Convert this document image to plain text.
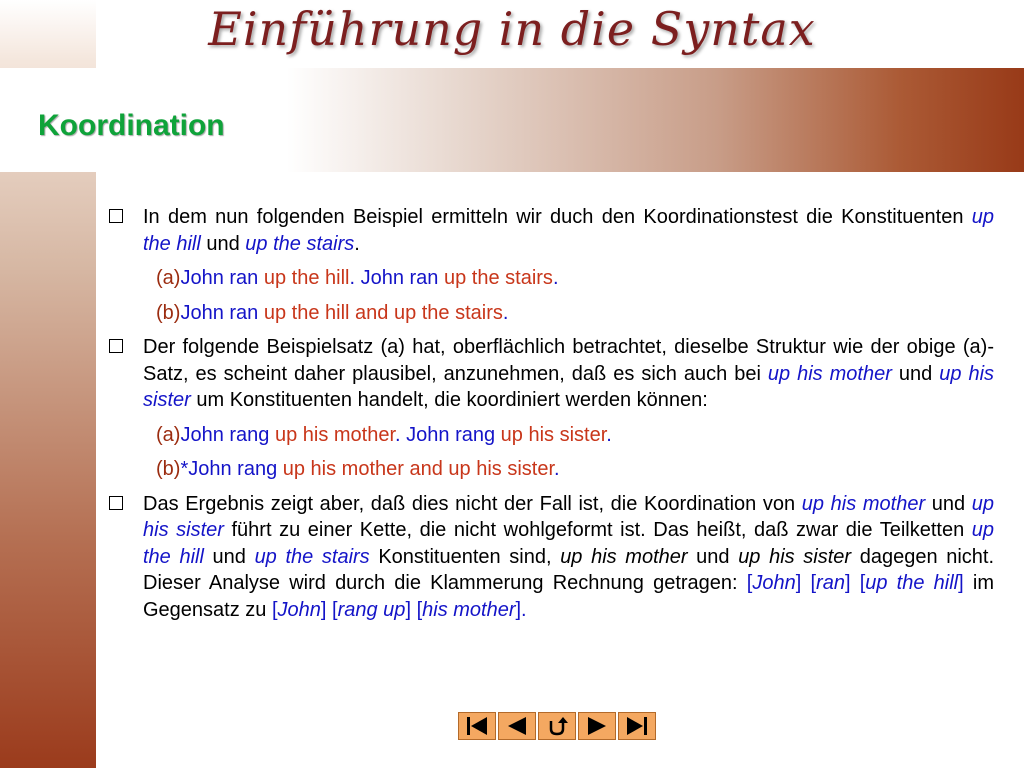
Einführung in die Syntax
Koordination
In dem nun folgenden Beispiel ermitteln wir duch den Koordinationstest die Konstituenten up the hill und up the stairs.
(a)John ran up the hill. John ran up the stairs.
(b)John ran up the hill and up the stairs.
Der folgende Beispielsatz (a) hat, oberflächlich betrachtet, dieselbe Struktur wie der obige (a)-Satz, es scheint daher plausibel, anzunehmen, daß es sich auch bei up his mother und up his sister um Konstituenten handelt, die koordiniert werden können:
(a)John rang up his mother. John rang up his sister.
(b)*John rang up his mother and up his sister.
Das Ergebnis zeigt aber, daß dies nicht der Fall ist, die Koordination von up his mother und up his sister führt zu einer Kette, die nicht wohlgeformt ist. Das heißt, daß zwar die Teilketten up the hill und up the stairs Konstituenten sind, up his mother und up his sister dagegen nicht. Dieser Analyse wird durch die Klammerung Rechnung getragen: [John] [ran] [up the hill] im Gegensatz zu [John] [rang up] [his mother].
